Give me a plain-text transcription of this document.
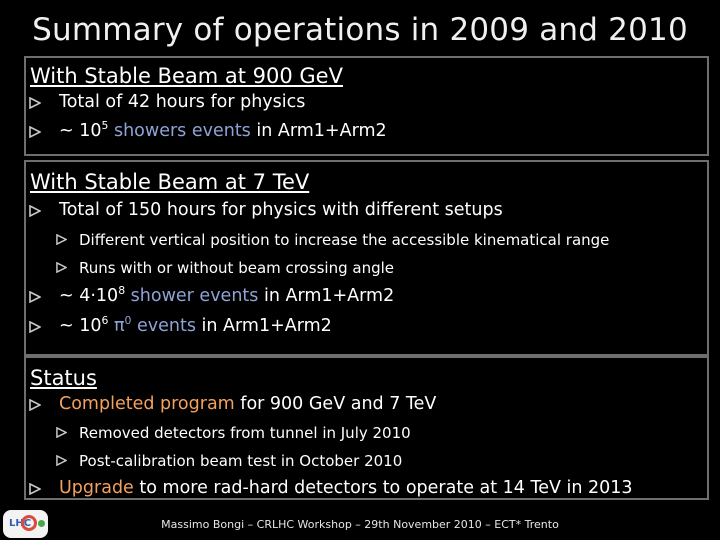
Summary of operations in 2009 and 2010
With Stable Beam at 900 GeV
Total of 42 hours for physics
~ $10^5$ showers events in Arm1+Arm2
With Stable Beam at 7 TeV
Total of 150 hours for physics with different setups
Different vertical position to increase the accessible kinematical range
Runs with or without beam crossing angle
~ $4\cdot 10^8$ shower events in Arm1+Arm2
~ $10^6$ $\pi^0$ events in Arm1+Arm2
Status
Completed program for 900 GeV and 7 TeV
Removed detectors from tunnel in July 2010
Post-calibration beam test in October 2010
Upgrade to more rad-hard detectors to operate at 14 TeV in 2013
LHC	Massimo Bongi – CRLHC Workshop – 29th November 2010 – ECT* Trento
